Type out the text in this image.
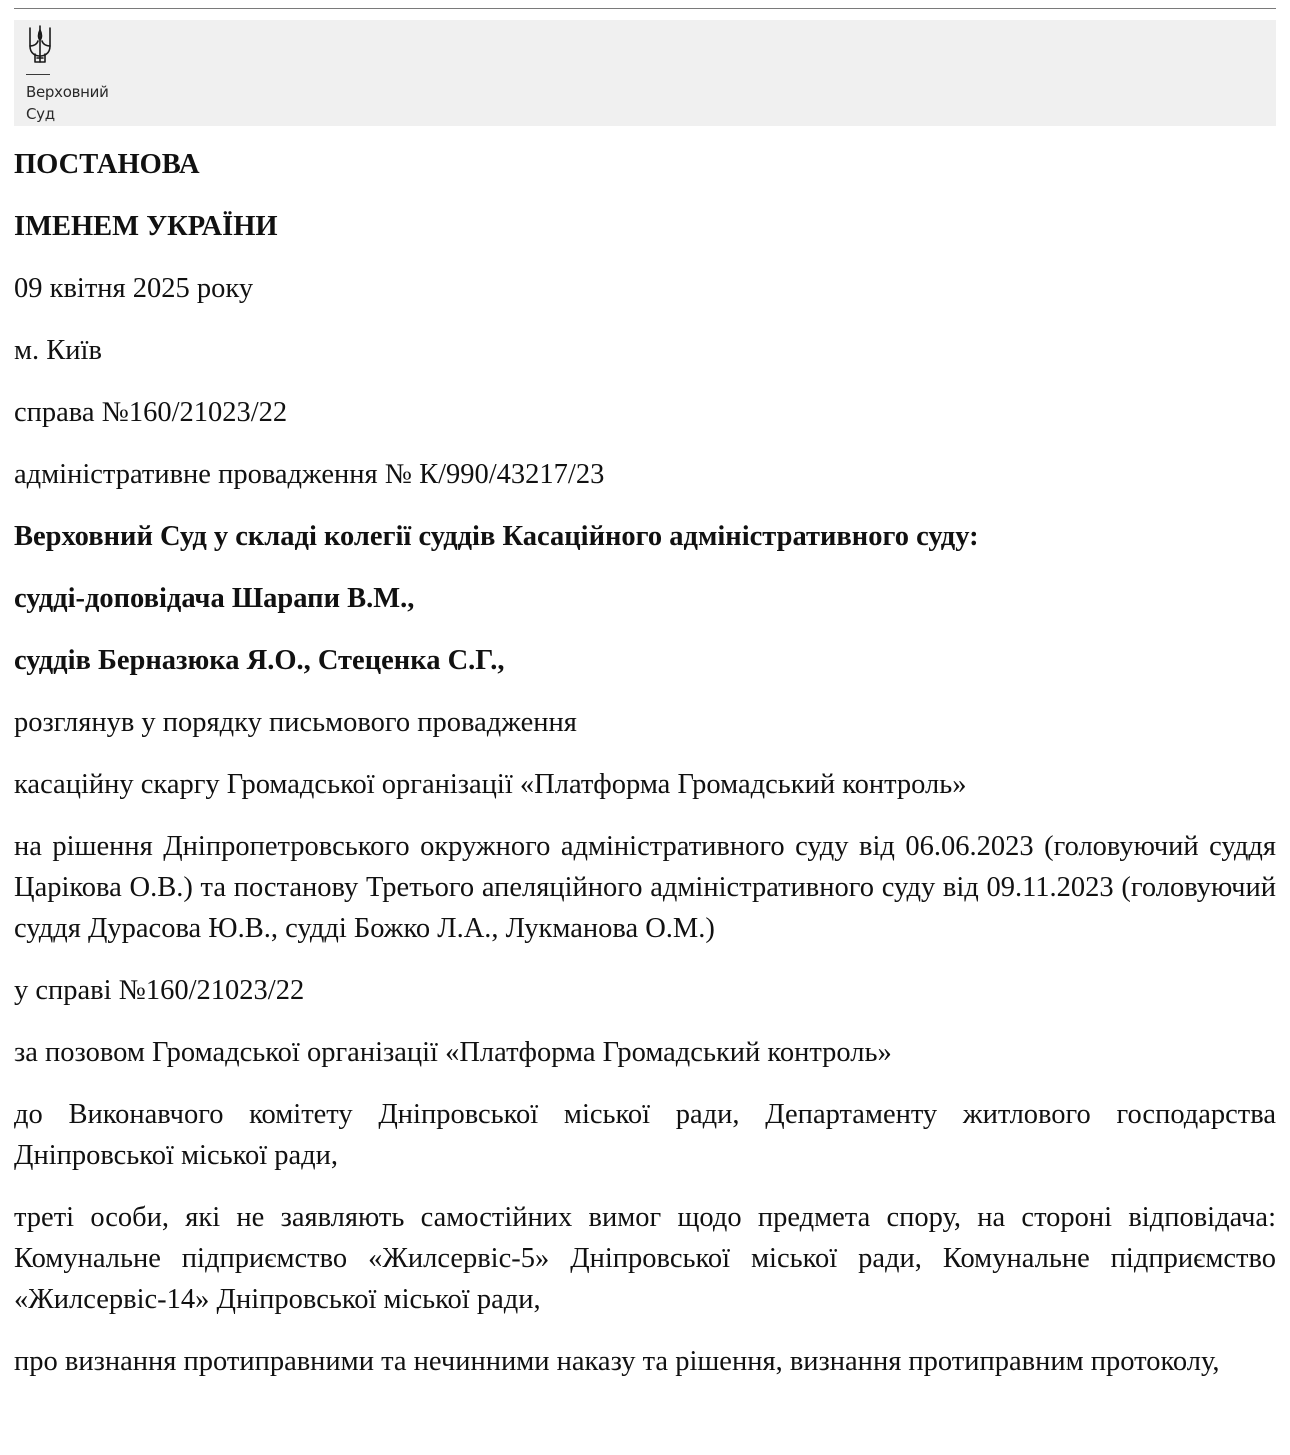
Верховний
Суд

ПОСТАНОВА

ІМЕНЕМ УКРАЇНИ

09 квітня 2025 року

м. Київ

справа №160/21023/22

адміністративне провадження № К/990/43217/23

Верховний Суд у складі колегії суддів Касаційного адміністративного суду:

судді-доповідача Шарапи В.М.,

суддів Берназюка Я.О., Стеценка С.Г.,

розглянув у порядку письмового провадження

касаційну скаргу Громадської організації «Платформа Громадський контроль»

на рішення Дніпропетровського окружного адміністративного суду від 06.06.2023 (головуючий суддя Царікова О.В.) та постанову Третього апеляційного адміністративного суду від 09.11.2023 (головуючий суддя Дурасова Ю.В., судді Божко Л.А., Лукманова О.М.)

у справі №160/21023/22

за позовом Громадської організації «Платформа Громадський контроль»

до Виконавчого комітету Дніпровської міської ради, Департаменту житлового господарства Дніпровської міської ради,

треті особи, які не заявляють самостійних вимог щодо предмета спору, на стороні відповідача: Комунальне підприємство «Жилсервіс-5» Дніпровської міської ради, Комунальне підприємство «Жилсервіс-14» Дніпровської міської ради,

про визнання протиправними та нечинними наказу та рішення, визнання протиправним протоколу,
